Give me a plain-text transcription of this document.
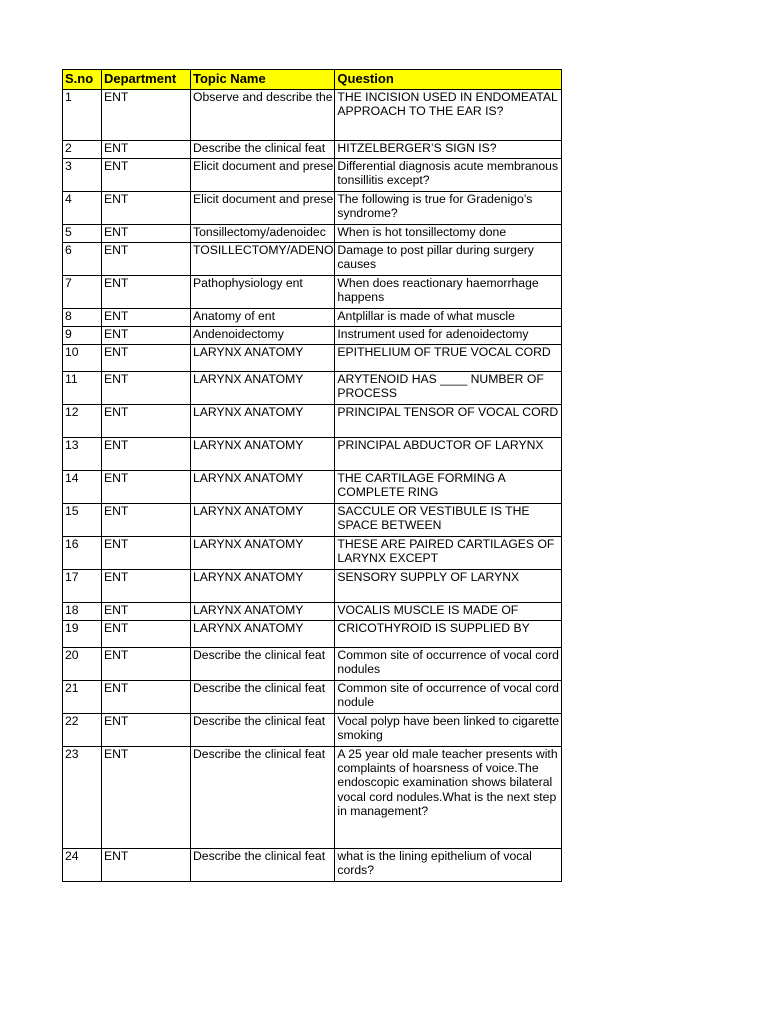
S.no	Department	Topic Name	Question
1	ENT	Observe and describe the	THE INCISION USED IN ENDOMEATAL APPROACH TO THE EAR IS?
2	ENT	Describe the clinical feat	HITZELBERGER’S SIGN IS?
3	ENT	Elicit document and prese	Differential diagnosis acute membranous tonsillitis except?
4	ENT	Elicit document and prese	The following is true for Gradenigo’s syndrome?
5	ENT	Tonsillectomy/adenoidec	When is hot tonsillectomy done
6	ENT	TOSILLECTOMY/ADENO	Damage to post pillar during surgery causes
7	ENT	Pathophysiology ent	When does reactionary haemorrhage happens
8	ENT	Anatomy of ent	Antplillar is made of what muscle
9	ENT	Andenoidectomy	Instrument used for adenoidectomy
10	ENT	LARYNX ANATOMY	EPITHELIUM OF TRUE VOCAL CORD
11	ENT	LARYNX ANATOMY	ARYTENOID HAS ____ NUMBER OF PROCESS
12	ENT	LARYNX ANATOMY	PRINCIPAL TENSOR OF VOCAL CORD
13	ENT	LARYNX ANATOMY	PRINCIPAL ABDUCTOR OF LARYNX
14	ENT	LARYNX ANATOMY	THE CARTILAGE FORMING A COMPLETE RING
15	ENT	LARYNX ANATOMY	SACCULE OR VESTIBULE IS THE SPACE BETWEEN
16	ENT	LARYNX ANATOMY	THESE ARE PAIRED CARTILAGES OF LARYNX EXCEPT
17	ENT	LARYNX ANATOMY	SENSORY SUPPLY OF LARYNX
18	ENT	LARYNX ANATOMY	VOCALIS MUSCLE IS MADE OF
19	ENT	LARYNX ANATOMY	CRICOTHYROID IS SUPPLIED BY
20	ENT	Describe the clinical feat	Common site of occurrence of vocal cord nodules
21	ENT	Describe the clinical feat	Common site of occurrence of vocal cord nodule
22	ENT	Describe the clinical feat	Vocal polyp have been linked to cigarette smoking
23	ENT	Describe the clinical feat	A 25 year old male teacher presents with complaints of hoarsness of voice.The endoscopic examination shows bilateral vocal cord nodules.What is the next step in management?
24	ENT	Describe the clinical feat	what is the lining epithelium of vocal cords?
